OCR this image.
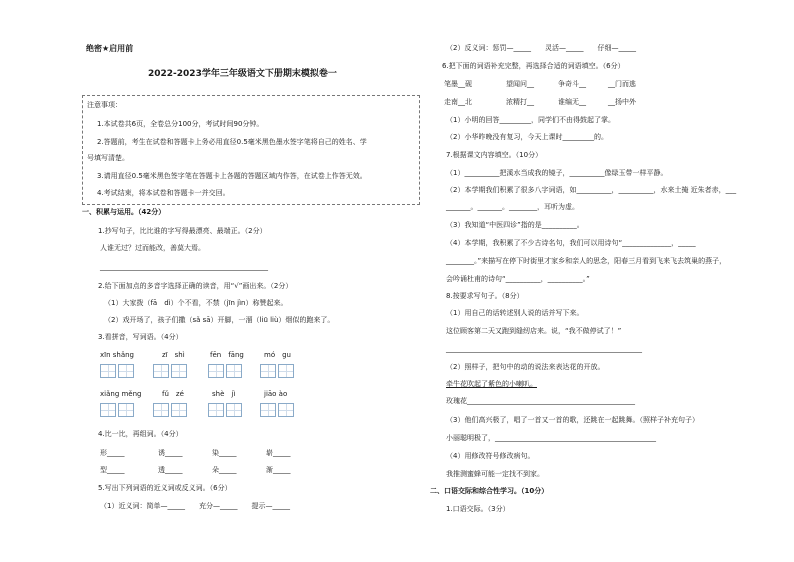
绝密★启用前
2022-2023学年三年级语文下册期末模拟卷一
注意事项：
1.本试卷共6页，全卷总分100分，考试时间90分钟。
2.答题前，考生在试卷和答题卡上务必用直径0.5毫米黑色墨水签字笔将自己的姓名、学
号填写清楚。
3.请用直径0.5毫米黑色签字笔在答题卡上各题的答题区域内作答，在试卷上作答无效。
4.考试结束，将本试卷和答题卡一并交回。
一、积累与运用。（42分）
1.抄写句子，比比谁的字写得最漂亮、最端正。（2分）
人谁无过？过而能改，善莫大焉。
________________________________________________
2.给下面加点的多音字选择正确的读音，用“√”画出来。（2分）
（1）大家拨（fā　dì）个不看，不禁（jīn jìn）称赞起来。
（2）戏开场了，孩子们撒（sǎ sā）开脚，一溜（liū liù）烟似的跑来了。
3.看拼音，写词语。（4分）
xīn shǎng	zī　shì	fēn　fāng	mó　gu
xiǎng měng	fǔ　zé	shè　jì	jiāo ào
4.比一比，再组词。（4分）
形_____	诱_____	染_____	崭_____
型_____	透_____	朵_____	渐_____
5.写出下列词语的近义词或反义词。（6分）
（1）近义词：简单—_____　　充分—_____　　提示—_____
（2）反义词：惩罚—_____　　灵活—_____　　仔细—_____
6.把下面的词语补充完整，再选择合适的词语填空。（6分）
笔墨__砚	望闻问__	争奇斗__	__门而逃
走南__北	浓精打__	谁编无__	__扬中外
（1）小明的回答_________，同学们不由得鼓起了掌。
（2）小华昨晚没有复习，今天上课时_________的。
7.根据课文内容填空。（10分）
（1）__________把溪水当成我的镜子，__________像绿玉带一样平静。
（2）本学期我们积累了很多八字词语，如__________，__________，水来土掩 近朱者赤，___
_______。_______。________，耳听为虚。
（3）我知道“中医四诊”指的是__________。
（4）本学期，我积累了不少古诗名句，我们可以用诗句“______________，_____
________。”来描写在停下时街里才家乡和亲人的思念，阳春三月看到飞来飞去筑巢的燕子，
会吟诵杜甫的诗句“__________，__________。”
8.按要求写句子。（8分）
（1）用自己的话转述别人说的话并写下来。
这位顾客第二天又跑到缝纫店来。说，“我不做停试了！”
________________________________________________________
（2）照样子，把句中的动的说法来表达花的开放。
牵牛花吹起了紫色的小喇叭。
玫瑰花________________________________________________
（3）他们高兴极了，唱了一首又一首的歌，还跳在一起跳舞。（照样子补充句子）
小丽聪明极了，______________________________________________
（4）用修改符号修改病句。
我推测蜜蜂可能一定找不到家。
二、口语交际和综合性学习。（10分）
1.口语交际。（3分）
